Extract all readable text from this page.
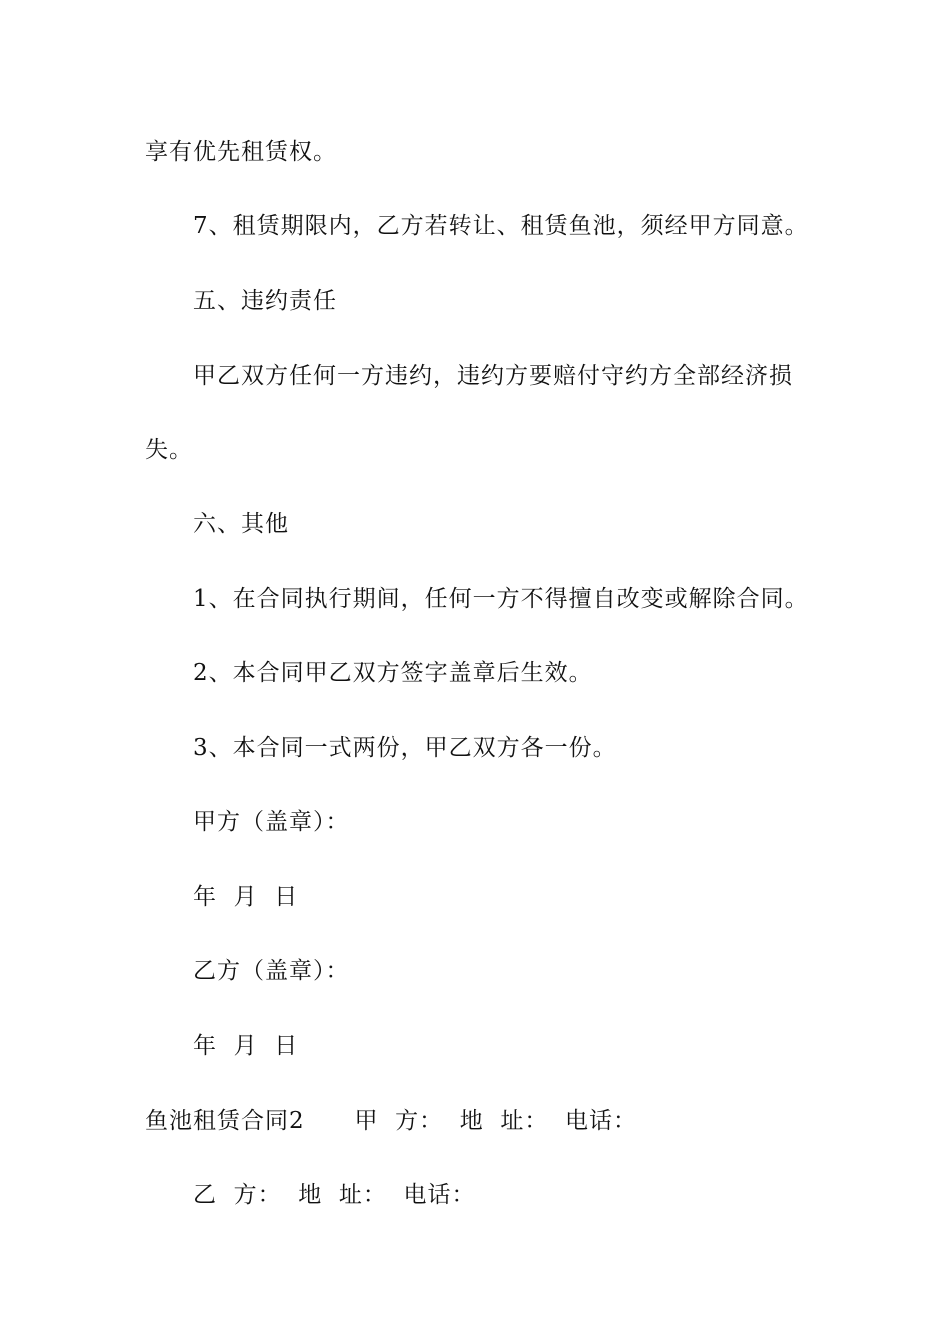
享有优先租赁权。
7、租赁期限内，乙方若转让、租赁鱼池，须经甲方同意。
五、违约责任
甲乙双方任何一方违约，违约方要赔付守约方全部经济损
失。
六、其他
1、在合同执行期间，任何一方不得擅自改变或解除合同。
2、本合同甲乙双方签字盖章后生效。
3、本合同一式两份，甲乙双方各一份。
甲方（盖章）：
年  月  日
乙方（盖章）：
年  月  日
鱼池租赁合同2      甲  方：  地  址：  电话：
乙  方：  地  址：  电话：
